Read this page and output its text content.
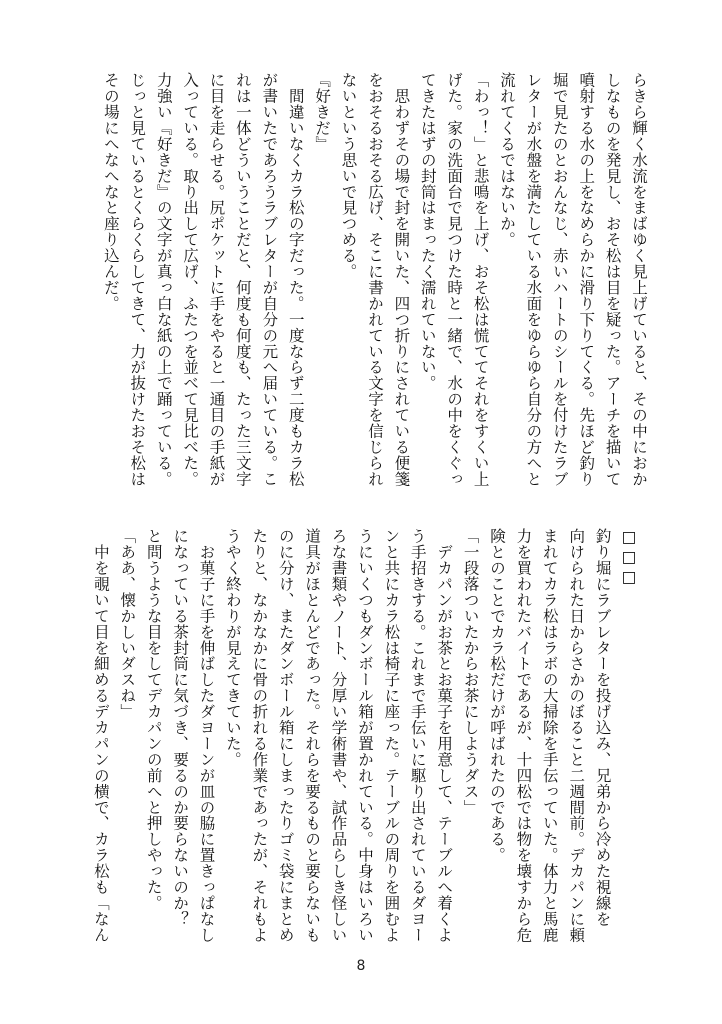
らきら輝く水流をまばゆく見上げていると、その中におか
しなものを発見し、おそ松は目を疑った。アーチを描いて
噴射する水の上をなめらかに滑り下りてくる。先ほど釣り
堀で見たのとおんなじ、赤いハートのシールを付けたラブ
レターが水盤を満たしている水面をゆらゆら自分の方へと
流れてくるではないか。
「わっ！」と悲鳴を上げ、おそ松は慌ててそれをすくい上
げた。家の洗面台で見つけた時と一緒で、水の中をくぐっ
てきたはずの封筒はまったく濡れていない。
　思わずその場で封を開いた、四つ折りにされている便箋
をおそるおそる広げ、そこに書かれている文字を信じられ
ないという思いで見つめる。
『好きだ』
　間違いなくカラ松の字だった。一度ならず二度もカラ松
が書いたであろうラブレターが自分の元へ届いている。こ
れは一体どういうことだと、何度も何度も、たった三文字
に目を走らせる。尻ポケットに手をやると一通目の手紙が
入っている。取り出して広げ、ふたつを並べて見比べた。
力強い『好きだ』の文字が真っ白な紙の上で踊っている。
じっと見ているとくらくらしてきて、力が抜けたおそ松は
その場にへなへなと座り込んだ。
□□□
釣り堀にラブレターを投げ込み、兄弟から冷めた視線を
向けられた日からさかのぼること二週間前。デカパンに頼
まれてカラ松はラボの大掃除を手伝っていた。体力と馬鹿
力を買われたバイトであるが、十四松では物を壊すから危
険とのことでカラ松だけが呼ばれたのである。
「一段落ついたからお茶にしようダス」
　デカパンがお茶とお菓子を用意して、テーブルへ着くよ
う手招きする。これまで手伝いに駆り出されているダヨー
ンと共にカラ松は椅子に座った。テーブルの周りを囲むよ
うにいくつもダンボール箱が置かれている。中身はいろい
ろな書類やノート、分厚い学術書や、試作品らしき怪しい
道具がほとんどであった。それらを要るものと要らないも
のに分け、またダンボール箱にしまったりゴミ袋にまとめ
たりと、なかなかに骨の折れる作業であったが、それもよ
うやく終わりが見えてきていた。
　お菓子に手を伸ばしたダヨーンが皿の脇に置きっぱなし
になっている茶封筒に気づき、要るのか要らないのか？
と問うような目をしてデカパンの前へと押しやった。
「ああ、懐かしいダスね」
　中を覗いて目を細めるデカパンの横で、カラ松も「なん
8
